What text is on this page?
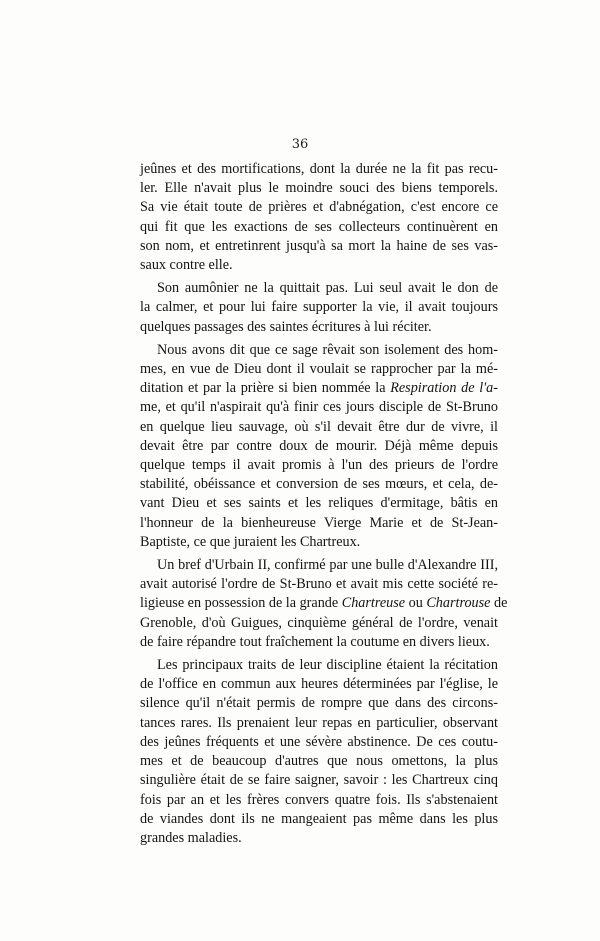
36
jeûnes et des mortifications, dont la durée ne la fit pas recu-
ler. Elle n'avait plus le moindre souci des biens temporels.
Sa vie était toute de prières et d'abnégation, c'est encore ce
qui fit que les exactions de ses collecteurs continuèrent en
son nom, et entretinrent jusqu'à sa mort la haine de ses vas-
saux contre elle.
Son aumônier ne la quittait pas. Lui seul avait le don de
la calmer, et pour lui faire supporter la vie, il avait toujours
quelques passages des saintes écritures à lui réciter.
Nous avons dit que ce sage rêvait son isolement des hom-
mes, en vue de Dieu dont il voulait se rapprocher par la mé-
ditation et par la prière si bien nommée la Respiration de l'a-
me, et qu'il n'aspirait qu'à finir ces jours disciple de St-Bruno
en quelque lieu sauvage, où s'il devait être dur de vivre, il
devait être par contre doux de mourir. Déjà même depuis
quelque temps il avait promis à l'un des prieurs de l'ordre
stabilité, obéissance et conversion de ses mœurs, et cela, de-
vant Dieu et ses saints et les reliques d'ermitage, bâtis en
l'honneur de la bienheureuse Vierge Marie et de St-Jean-
Baptiste, ce que juraient les Chartreux.
Un bref d'Urbain II, confirmé par une bulle d'Alexandre III,
avait autorisé l'ordre de St-Bruno et avait mis cette société re-
ligieuse en possession de la grande Chartreuse ou Chartrouse de
Grenoble, d'où Guigues, cinquième général de l'ordre, venait
de faire répandre tout fraîchement la coutume en divers lieux.
Les principaux traits de leur discipline étaient la récitation
de l'office en commun aux heures déterminées par l'église, le
silence qu'il n'était permis de rompre que dans des circons-
tances rares. Ils prenaient leur repas en particulier, observant
des jeûnes fréquents et une sévère abstinence. De ces coutu-
mes et de beaucoup d'autres que nous omettons, la plus
singulière était de se faire saigner, savoir : les Chartreux cinq
fois par an et les frères convers quatre fois. Ils s'abstenaient
de viandes dont ils ne mangeaient pas même dans les plus
grandes maladies.
